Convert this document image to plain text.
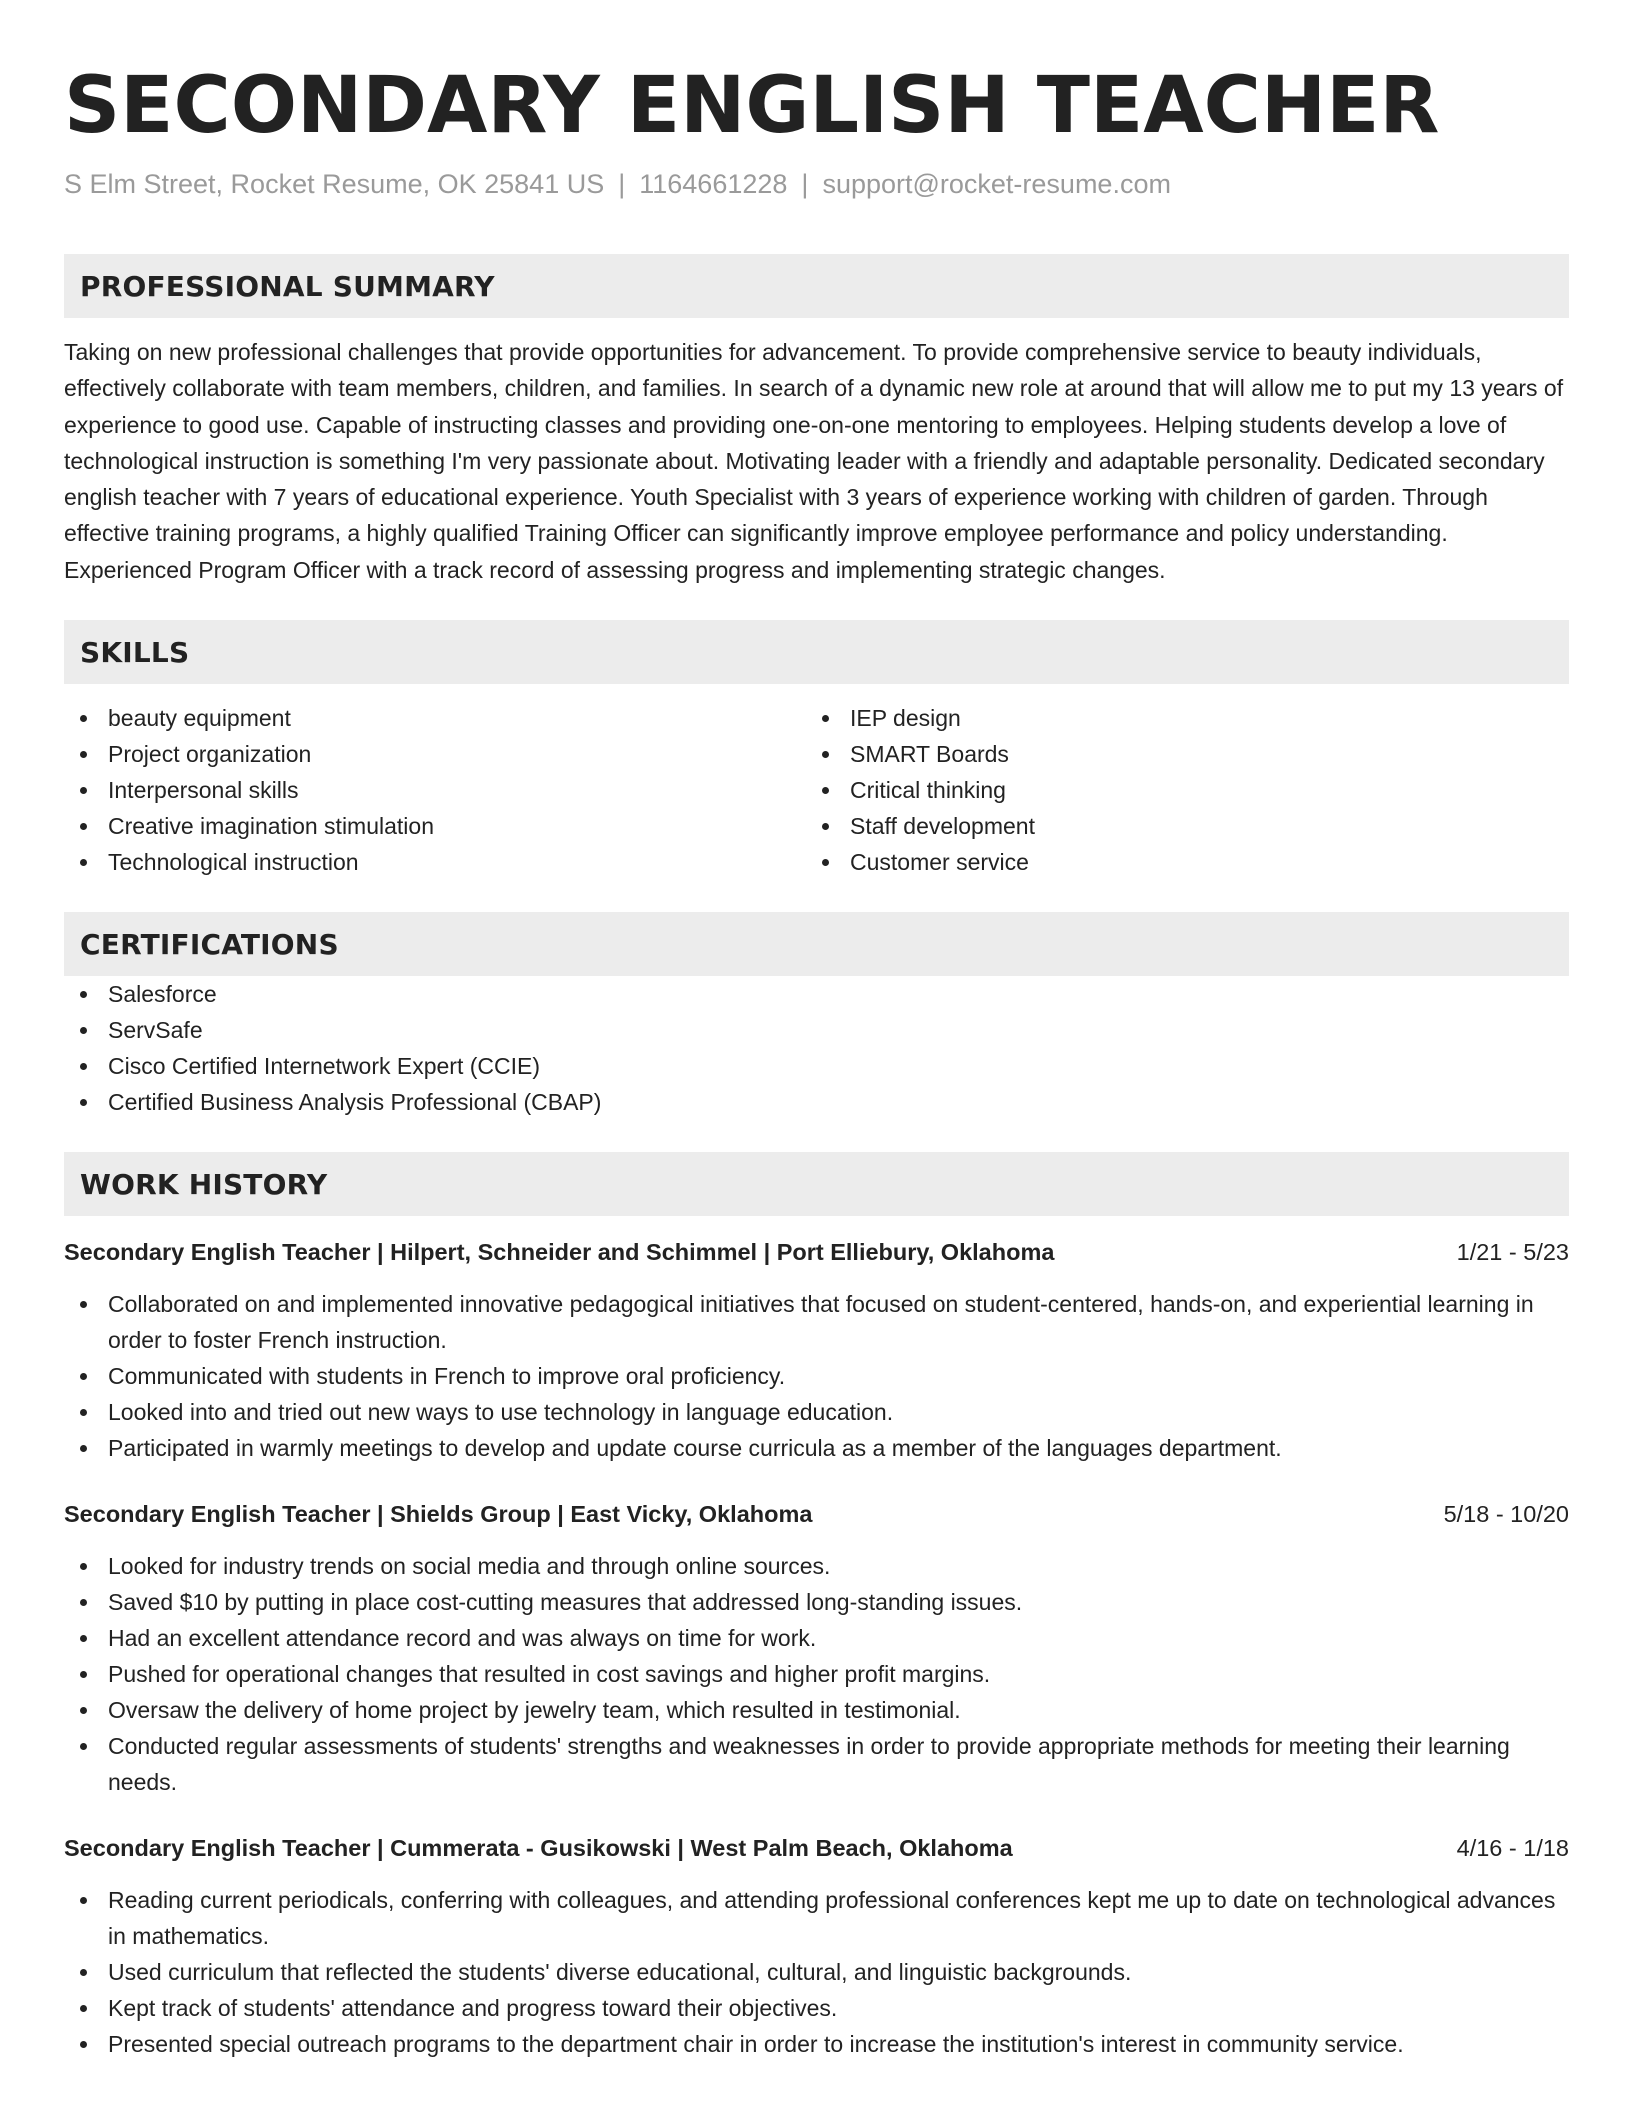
SECONDARY ENGLISH TEACHER
S Elm Street, Rocket Resume, OK 25841 US | 1164661228 | support@rocket-resume.com
PROFESSIONAL SUMMARY

Taking on new professional challenges that provide opportunities for advancement. To provide comprehensive service to beauty individuals, effectively collaborate with team members, children, and families. In search of a dynamic new role at around that will allow me to put my 13 years of experience to good use. Capable of instructing classes and providing one-on-one mentoring to employees. Helping students develop a love of technological instruction is something I'm very passionate about. Motivating leader with a friendly and adaptable personality. Dedicated secondary english teacher with 7 years of educational experience. Youth Specialist with 3 years of experience working with children of garden. Through effective training programs, a highly qualified Training Officer can significantly improve employee performance and policy understanding. Experienced Program Officer with a track record of assessing progress and implementing strategic changes.

SKILLS
beauty equipment
Project organization
Interpersonal skills
Creative imagination stimulation
Technological instruction
IEP design
SMART Boards
Critical thinking
Staff development
Customer service
CERTIFICATIONS
Salesforce
ServSafe
Cisco Certified Internetwork Expert (CCIE)
Certified Business Analysis Professional (CBAP)
WORK HISTORY
Secondary English Teacher | Hilpert, Schneider and Schimmel | Port Elliebury, Oklahoma	1/21 - 5/23
Collaborated on and implemented innovative pedagogical initiatives that focused on student-centered, hands-on, and experiential learning in order to foster French instruction.
Communicated with students in French to improve oral proficiency.
Looked into and tried out new ways to use technology in language education.
Participated in warmly meetings to develop and update course curricula as a member of the languages department.
Secondary English Teacher | Shields Group | East Vicky, Oklahoma	5/18 - 10/20
Looked for industry trends on social media and through online sources.
Saved $10 by putting in place cost-cutting measures that addressed long-standing issues.
Had an excellent attendance record and was always on time for work.
Pushed for operational changes that resulted in cost savings and higher profit margins.
Oversaw the delivery of home project by jewelry team, which resulted in testimonial.
Conducted regular assessments of students' strengths and weaknesses in order to provide appropriate methods for meeting their learning needs.
Secondary English Teacher | Cummerata - Gusikowski | West Palm Beach, Oklahoma	4/16 - 1/18
Reading current periodicals, conferring with colleagues, and attending professional conferences kept me up to date on technological advances in mathematics.
Used curriculum that reflected the students' diverse educational, cultural, and linguistic backgrounds.
Kept track of students' attendance and progress toward their objectives.
Presented special outreach programs to the department chair in order to increase the institution's interest in community service.
